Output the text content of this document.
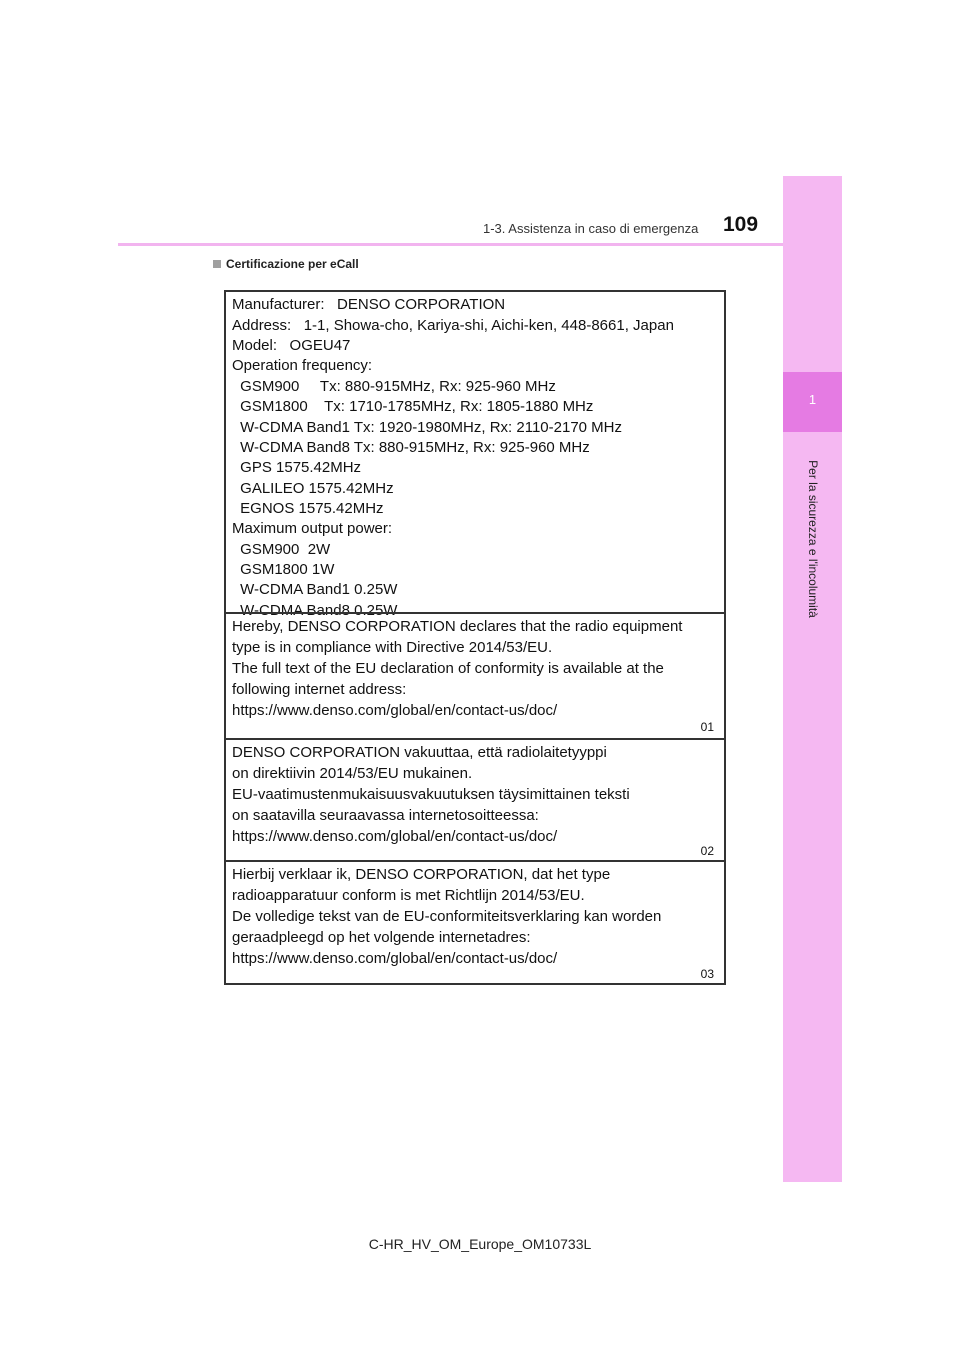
1
Per la sicurezza e l'incolumità
1-3. Assistenza in caso di emergenza 109
Certificazione per eCall
Manufacturer:   DENSO CORPORATION
Address:   1-1, Showa-cho, Kariya-shi, Aichi-ken, 448-8661, Japan
Model:   OGEU47
Operation frequency:
GSM900     Tx: 880-915MHz, Rx: 925-960 MHz
GSM1800    Tx: 1710-1785MHz, Rx: 1805-1880 MHz
W-CDMA Band1 Tx: 1920-1980MHz, Rx: 2110-2170 MHz
W-CDMA Band8 Tx: 880-915MHz, Rx: 925-960 MHz
GPS 1575.42MHz
GALILEO 1575.42MHz
EGNOS 1575.42MHz
Maximum output power:
GSM900  2W
GSM1800 1W
W-CDMA Band1 0.25W
W-CDMA Band8 0.25W
Hereby, DENSO CORPORATION declares that the radio equipment
type is in compliance with Directive 2014/53/EU.
The full text of the EU declaration of conformity is available at the
following internet address:
https://www.denso.com/global/en/contact-us/doc/
01
DENSO CORPORATION vakuuttaa, että radiolaitetyyppi
on direktiivin 2014/53/EU mukainen.
EU-vaatimustenmukaisuusvakuutuksen täysimittainen teksti
on saatavilla seuraavassa internetosoitteessa:
https://www.denso.com/global/en/contact-us/doc/
02
Hierbij verklaar ik, DENSO CORPORATION, dat het type
radioapparatuur conform is met Richtlijn 2014/53/EU.
De volledige tekst van de EU-conformiteitsverklaring kan worden
geraadpleegd op het volgende internetadres:
https://www.denso.com/global/en/contact-us/doc/
03
C-HR_HV_OM_Europe_OM10733L
